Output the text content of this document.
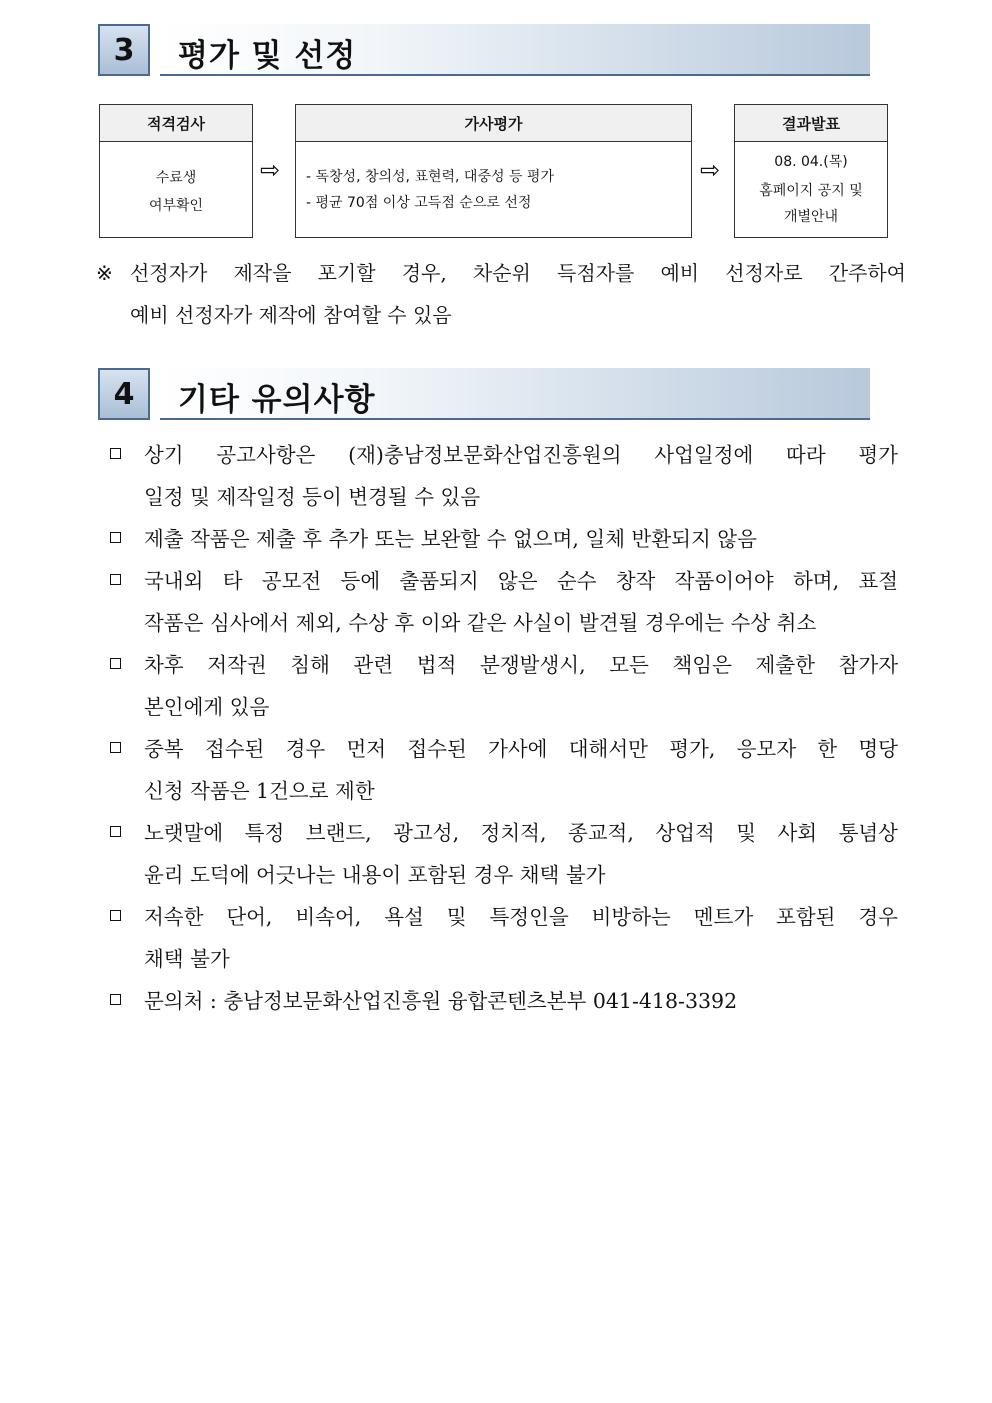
3	평가 및 선정
적격검사
수료생
여부확인
⇨
가사평가
- 독창성, 창의성, 표현력, 대중성 등 평가
- 평균 70점 이상 고득점 순으로 선정
⇨
결과발표
08. 04.(목)
홈페이지 공지 및
개별안내
※ 선정자가 제작을 포기할 경우, 차순위 득점자를 예비 선정자로 간주하여
예비 선정자가 제작에 참여할 수 있음
4	기타 유의사항
상기 공고사항은 (재)충남정보문화산업진흥원의 사업일정에 따라 평가
일정 및 제작일정 등이 변경될 수 있음
제출 작품은 제출 후 추가 또는 보완할 수 없으며, 일체 반환되지 않음
국내외 타 공모전 등에 출품되지 않은 순수 창작 작품이어야 하며, 표절
작품은 심사에서 제외, 수상 후 이와 같은 사실이 발견될 경우에는 수상 취소
차후 저작권 침해 관련 법적 분쟁발생시, 모든 책임은 제출한 참가자
본인에게 있음
중복 접수된 경우 먼저 접수된 가사에 대해서만 평가, 응모자 한 명당
신청 작품은 1건으로 제한
노랫말에 특정 브랜드, 광고성, 정치적, 종교적, 상업적 및 사회 통념상
윤리 도덕에 어긋나는 내용이 포함된 경우 채택 불가
저속한 단어, 비속어, 욕설 및 특정인을 비방하는 멘트가 포함된 경우
채택 불가
문의처 : 충남정보문화산업진흥원 융합콘텐츠본부 041-418-3392
